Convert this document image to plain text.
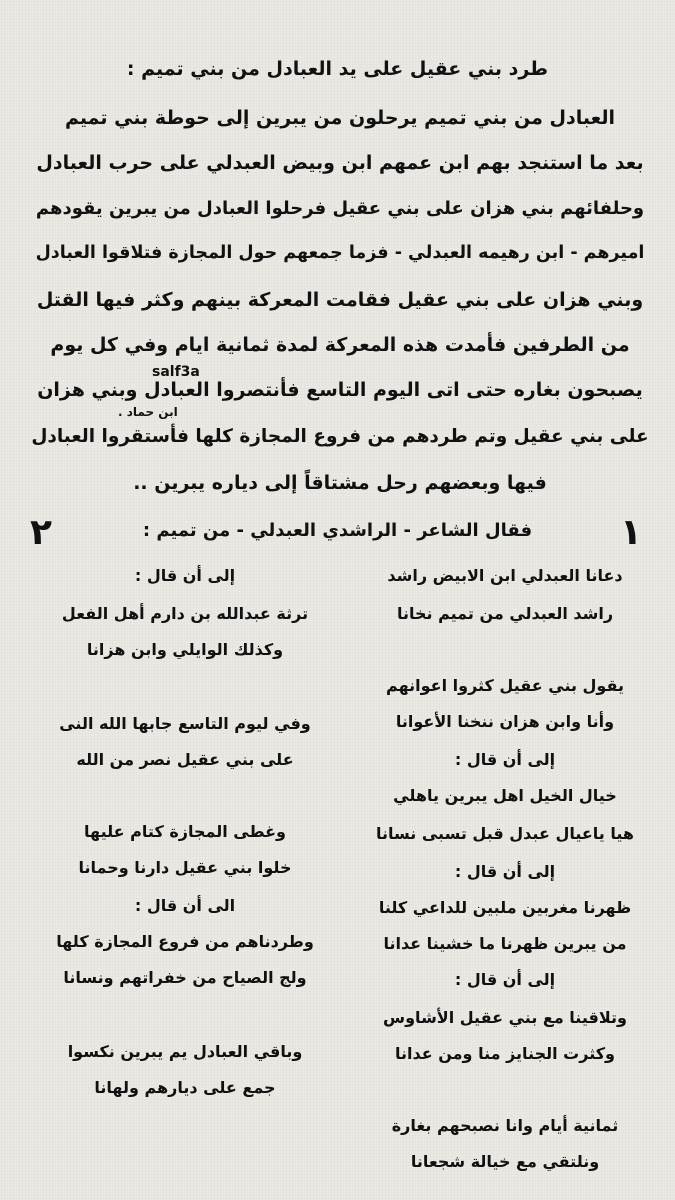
طرد بني عقيل على يد العبادل من بني تميم :
العبادل من بني تميم يرحلون من يبرين إلى حوطة بني تميم
بعد ما استنجد بهم ابن عمهم ابن وبيض العبدلي على حرب العبادل
وحلفائهم بني هزان على بني عقيل فرحلوا العبادل من يبرين يقودهم
اميرهم - ابن رهيمه العبدلي - فزما جمعهم حول المجازة فتلاقوا العبادل
وبني هزان على بني عقيل فقامت المعركة بينهم وكثر فيها القتل
من الطرفين فأمدت هذه المعركة لمدة ثمانية ايام وفي كل يوم
يصبحون بغاره حتى اتى اليوم التاسع فأنتصروا العبادل وبني هزان
على بني عقيل وتم طردهم من فروع المجازة كلها فأستقروا العبادل
فيها وبعضهم رحل مشتاقاً إلى دياره يبرين ..
salf3a
ابن حماد .
١
٢	فقال الشاعر - الراشدي العبدلي - من تميم :
دعانا العبدلي ابن الابيض راشد
راشد العبدلي من تميم نخانا
يقول بني عقيل كثروا اعوانهم
وأنا وابن هزان ننخنا الأعوانا
إلى أن قال :
خيال الخيل اهل يبرين ياهلي
هيا ياعيال عبدل قبل تسبى نسانا
إلى أن قال :
ظهرنا مغربين ملبين للداعي كلنا
من يبرين ظهرنا ما خشينا عدانا
إلى أن قال :
وتلاقينا مع بني عقيل الأشاوس
وكثرت الجنايز منا ومن عدانا
ثمانية أيام وانا نصبحهم بغارة
ونلتقي مع خيالة شجعانا
إلى أن قال :
ترثة عبدالله بن دارم أهل الفعل
وكذلك الوايلي وابن هزانا
وفي ليوم التاسع جابها الله النى
على بني عقيل نصر من الله
وغطى المجازة كتام عليها
خلوا بني عقيل دارنا وحمانا
الى أن قال :
وطردناهم من فروع المجازة كلها
ولج الصياح من خفراتهم ونسانا
وباقي العبادل يم يبرين نكسوا
جمع على ديارهم ولهانا
